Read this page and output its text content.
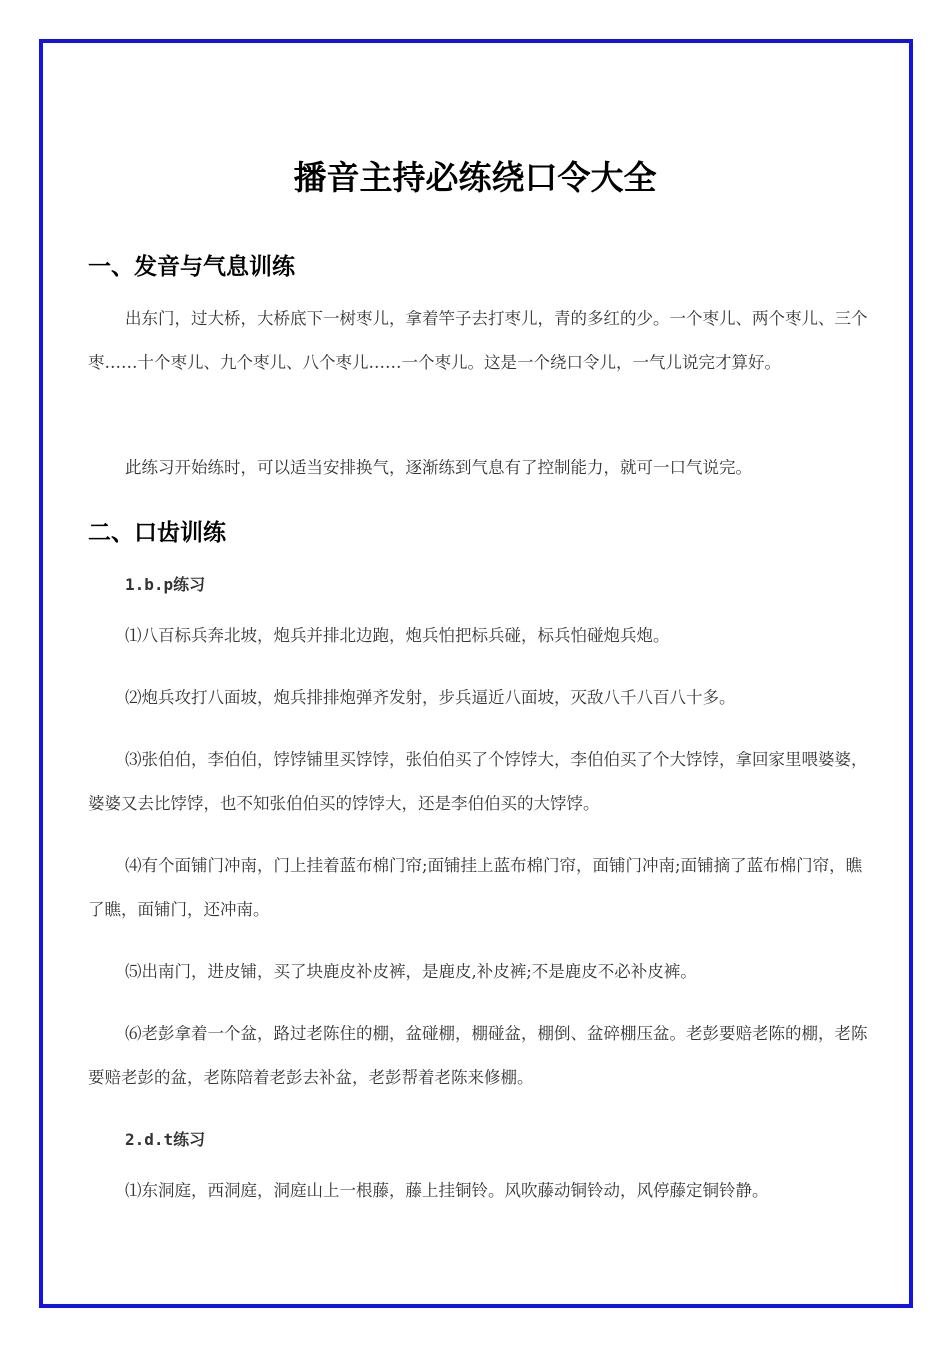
播音主持必练绕口令大全
一、发音与气息训练

出东门，过大桥，大桥底下一树枣儿，拿着竿子去打枣儿，青的多红的少。一个枣儿、两个枣儿、三个枣……十个枣儿、九个枣儿、八个枣儿……一个枣儿。这是一个绕口令儿，一气儿说完才算好。

此练习开始练时，可以适当安排换气，逐渐练到气息有了控制能力，就可一口气说完。

二、口齿训练

1.b.p练习

⑴八百标兵奔北坡，炮兵并排北边跑，炮兵怕把标兵碰，标兵怕碰炮兵炮。

⑵炮兵攻打八面坡，炮兵排排炮弹齐发射，步兵逼近八面坡，灭敌八千八百八十多。

⑶张伯伯，李伯伯，饽饽铺里买饽饽，张伯伯买了个饽饽大，李伯伯买了个大饽饽，拿回家里喂婆婆，婆婆又去比饽饽，也不知张伯伯买的饽饽大，还是李伯伯买的大饽饽。

⑷有个面铺门冲南，门上挂着蓝布棉门帘;面铺挂上蓝布棉门帘，面铺门冲南;面铺摘了蓝布棉门帘，瞧了瞧，面铺门，还冲南。

⑸出南门，进皮铺，买了块鹿皮补皮裤，是鹿皮,补皮裤;不是鹿皮不必补皮裤。

⑹老彭拿着一个盆，路过老陈住的棚，盆碰棚，棚碰盆，棚倒、盆碎棚压盆。老彭要赔老陈的棚，老陈要赔老彭的盆，老陈陪着老彭去补盆，老彭帮着老陈来修棚。

2.d.t练习

⑴东洞庭，西洞庭，洞庭山上一根藤，藤上挂铜铃。风吹藤动铜铃动，风停藤定铜铃静。
